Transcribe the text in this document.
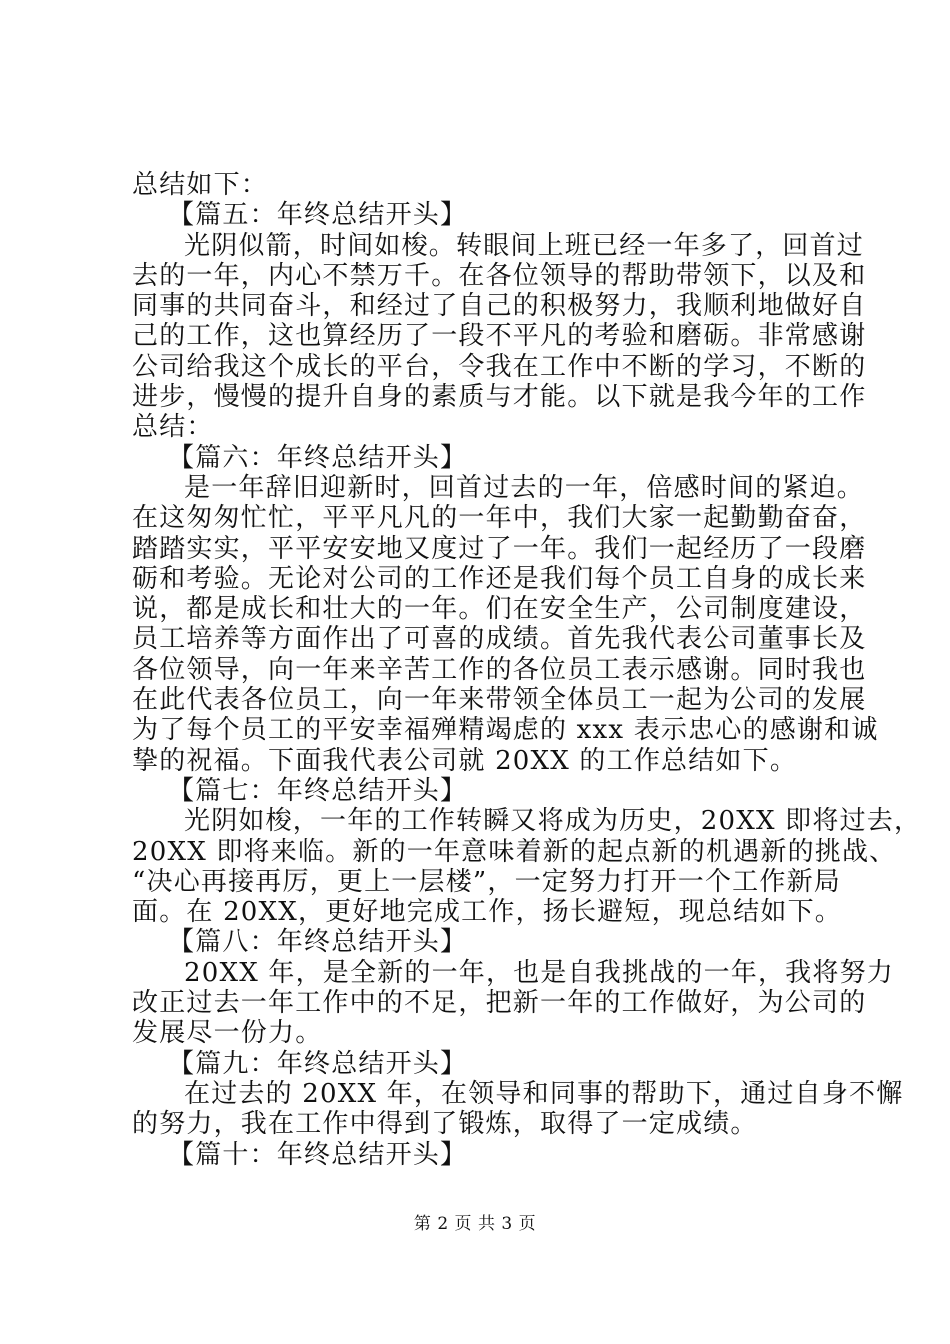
总结如下：
【篇五：年终总结开头】
光阴似箭，时间如梭。转眼间上班已经一年多了，回首过
去的一年，内心不禁万千。在各位领导的帮助带领下，以及和
同事的共同奋斗，和经过了自己的积极努力，我顺利地做好自
己的工作，这也算经历了一段不平凡的考验和磨砺。非常感谢
公司给我这个成长的平台，令我在工作中不断的学习，不断的
进步，慢慢的提升自身的素质与才能。以下就是我今年的工作
总结：
【篇六：年终总结开头】
是一年辞旧迎新时，回首过去的一年，倍感时间的紧迫。
在这匆匆忙忙，平平凡凡的一年中，我们大家一起勤勤奋奋，
踏踏实实，平平安安地又度过了一年。我们一起经历了一段磨
砺和考验。无论对公司的工作还是我们每个员工自身的成长来
说，都是成长和壮大的一年。们在安全生产，公司制度建设，
员工培养等方面作出了可喜的成绩。首先我代表公司董事长及
各位领导，向一年来辛苦工作的各位员工表示感谢。同时我也
在此代表各位员工，向一年来带领全体员工一起为公司的发展
为了每个员工的平安幸福殚精竭虑的 xxx 表示忠心的感谢和诚
挚的祝福。下面我代表公司就 20XX 的工作总结如下。
【篇七：年终总结开头】
光阴如梭，一年的工作转瞬又将成为历史，20XX 即将过去，
20XX 即将来临。新的一年意味着新的起点新的机遇新的挑战、
“决心再接再厉，更上一层楼”，一定努力打开一个工作新局
面。在 20XX，更好地完成工作，扬长避短，现总结如下。
【篇八：年终总结开头】
20XX 年，是全新的一年，也是自我挑战的一年，我将努力
改正过去一年工作中的不足，把新一年的工作做好，为公司的
发展尽一份力。
【篇九：年终总结开头】
在过去的 20XX 年，在领导和同事的帮助下，通过自身不懈
的努力，我在工作中得到了锻炼，取得了一定成绩。
【篇十：年终总结开头】
第 2 页 共 3 页
